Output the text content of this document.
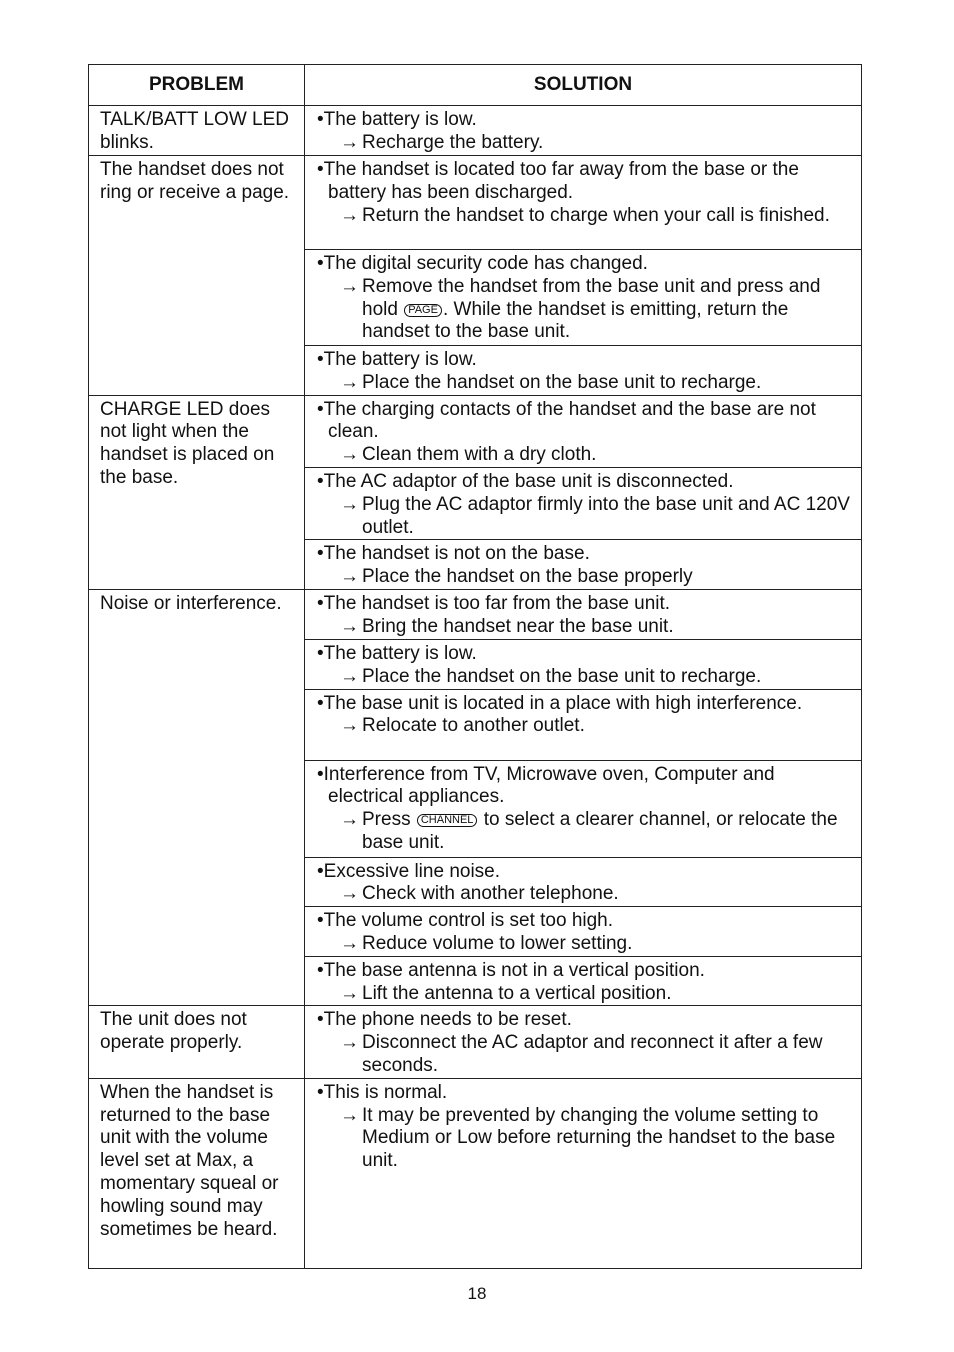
PROBLEM	SOLUTION
TALK/BATT LOW LED blinks.	•The battery is low.
→ Recharge the battery.

The handset does not ring or receive a page.	•The handset is located too far away from the base or the battery has been discharged.
→ Return the handset to charge when your call is finished.

	•The digital security code has changed.
→ Remove the handset from the base unit and press and hold PAGE . While the handset is emitting, return the handset to the base unit.

	•The battery is low.
→ Place the handset on the base unit to recharge.

CHARGE LED does not light when the handset is placed on the base.	•The charging contacts of the handset and the base are not clean.
→ Clean them with a dry cloth.

	•The AC adaptor of the base unit is disconnected.
→ Plug the AC adaptor firmly into the base unit and AC 120V outlet.

	•The handset is not on the base.
→ Place the handset on the base properly

Noise or interference.	•The handset is too far from the base unit.
→ Bring the handset near the base unit.

	•The battery is low.
→ Place the handset on the base unit to recharge.

	•The base unit is located in a place with high interference.
→ Relocate to another outlet.

	•Interference from TV, Microwave oven, Computer and electrical appliances.
→ Press CHANNEL to select a clearer channel, or relocate the base unit.

	•Excessive line noise.
→ Check with another telephone.

	•The volume control is set too high.
→ Reduce volume to lower setting.

	•The base antenna is not in a vertical position.
→ Lift the antenna to a vertical position.

The unit does not operate properly.	•The phone needs to be reset.
→ Disconnect the AC adaptor and reconnect it after a few seconds.

When the handset is returned to the base unit with the volume level set at Max, a momentary squeal or howling sound may sometimes be heard.	•This is normal.
→ It may be prevented by changing the volume setting to Medium or Low before returning the handset to the base unit.
18
